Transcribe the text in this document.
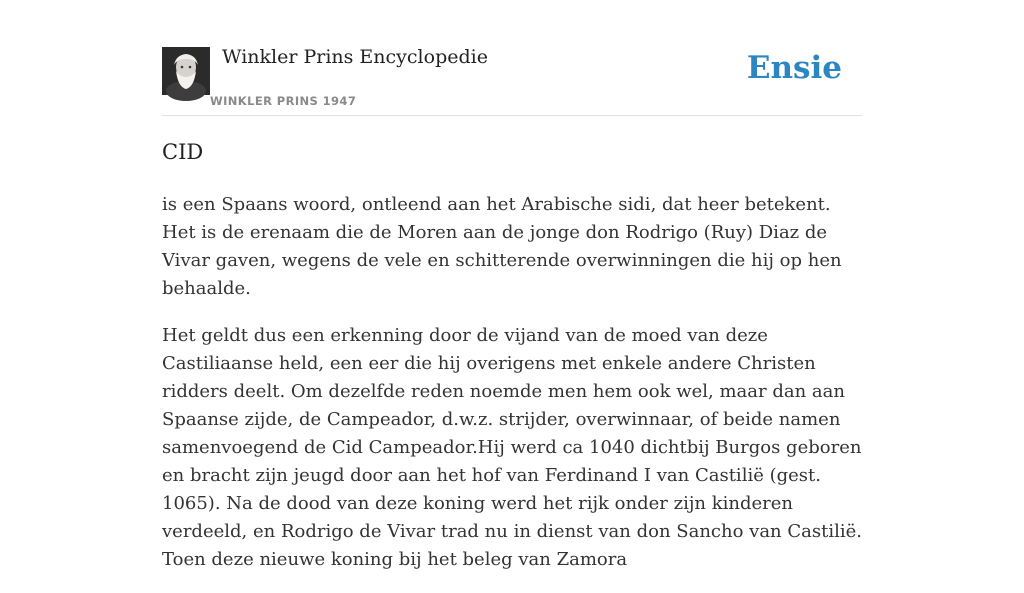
Winkler Prins Encyclopedie
WINKLER PRINS 1947
Ensie
CID

is een Spaans woord, ontleend aan het Arabische sidi, dat heer betekent. Het is de erenaam die de Moren aan de jonge don Rodrigo (Ruy) Diaz de Vivar gaven, wegens de vele en schitterende overwinningen die hij op hen behaalde.

Het geldt dus een erkenning door de vijand van de moed van deze Castiliaanse held, een eer die hij overigens met enkele andere Christen ridders deelt. Om dezelfde reden noemde men hem ook wel, maar dan aan Spaanse zijde, de Campeador, d.w.z. strijder, overwinnaar, of beide namen samenvoegend de Cid Campeador.Hij werd ca 1040 dichtbij Burgos geboren en bracht zijn jeugd door aan het hof van Ferdinand I van Castilië (gest. 1065). Na de dood van deze koning werd het rijk onder zijn kinderen verdeeld, en Rodrigo de Vivar trad nu in dienst van don Sancho van Castilië. Toen deze nieuwe koning bij het beleg van Zamora
